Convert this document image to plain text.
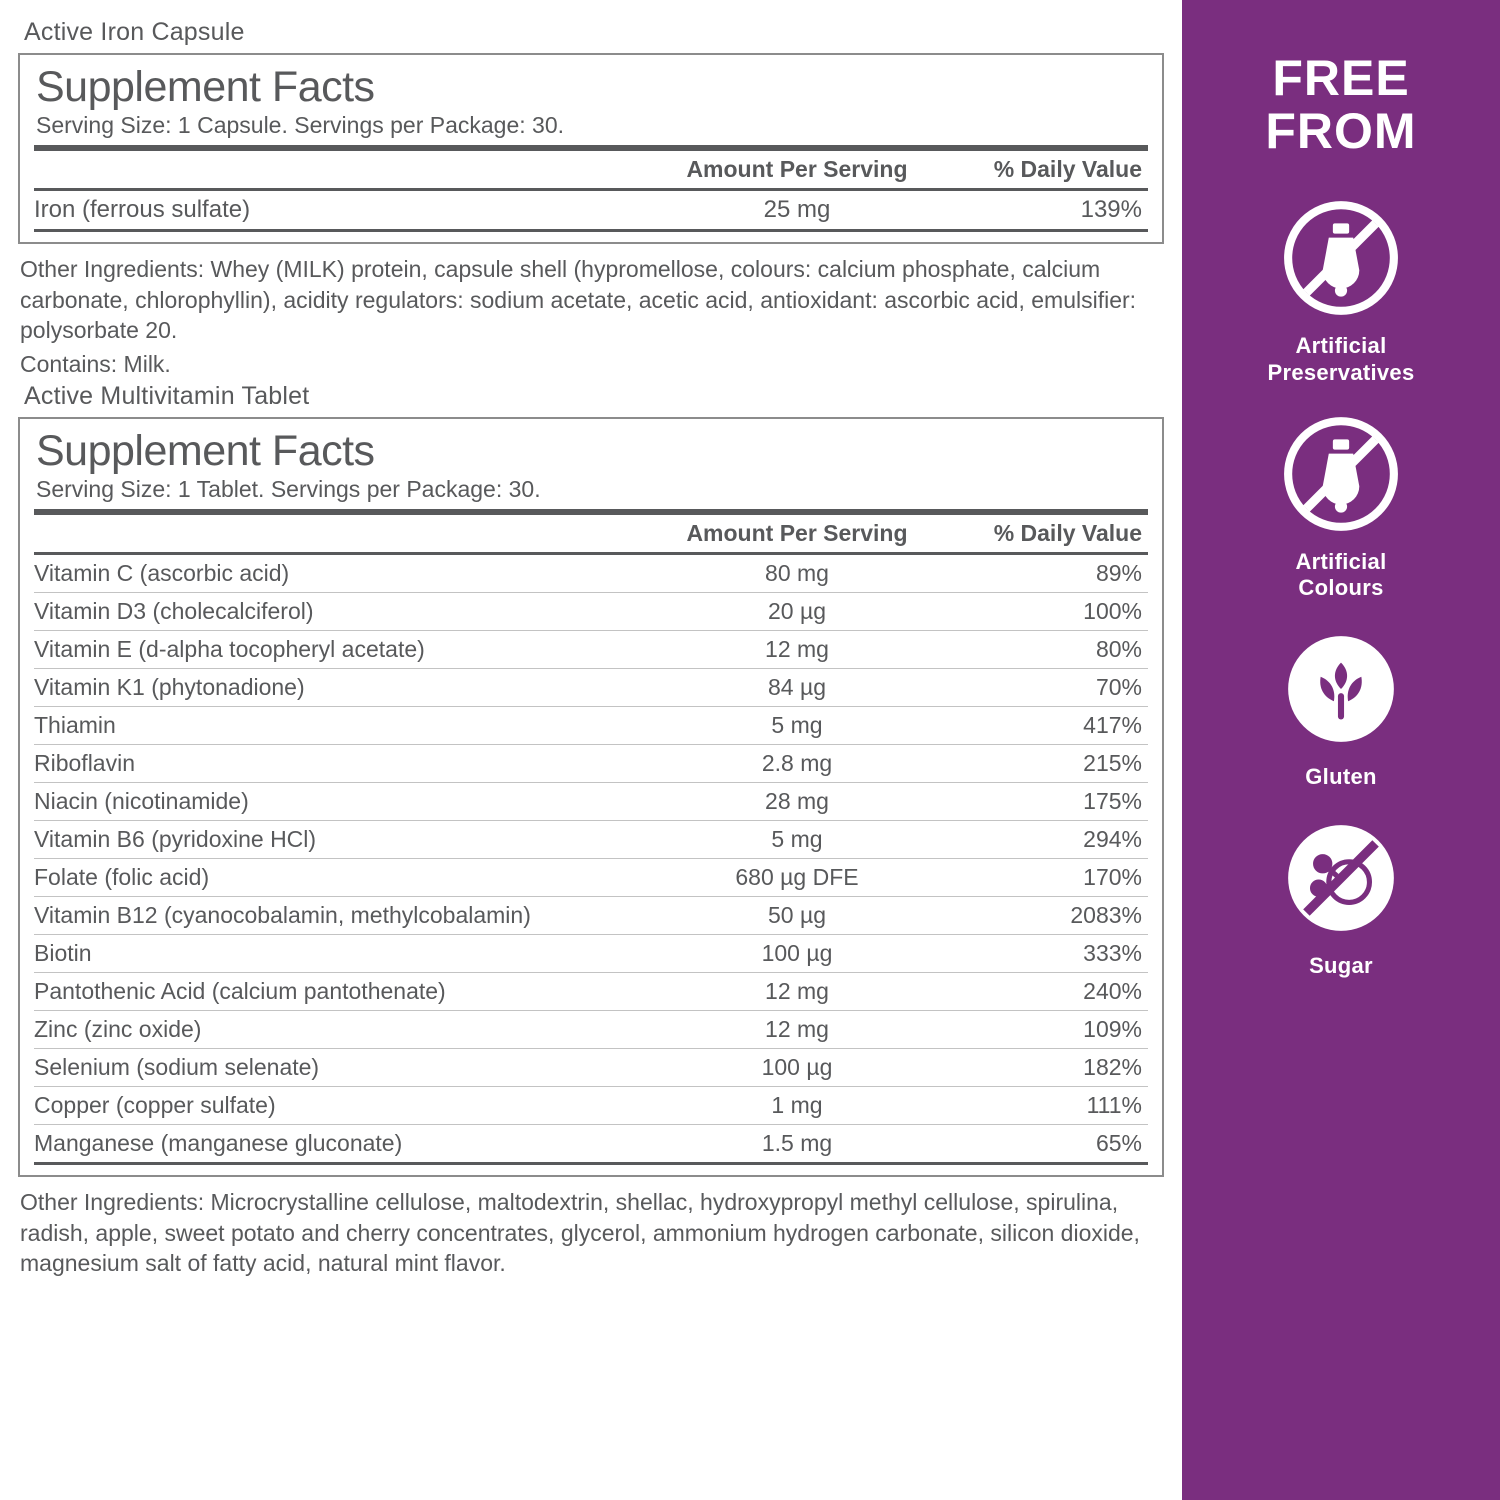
Active Iron Capsule
Supplement Facts
Serving Size: 1 Capsule. Servings per Package: 30.
	Amount Per Serving	% Daily Value
Iron (ferrous sulfate)	25 mg	139%
Other Ingredients: Whey (MILK) protein, capsule shell (hypromellose, colours: calcium phosphate, calcium carbonate, chlorophyllin), acidity regulators: sodium acetate, acetic acid, antioxidant: ascorbic acid, emulsifier: polysorbate 20.
Contains: Milk.
Active Multivitamin Tablet
Supplement Facts
Serving Size: 1 Tablet. Servings per Package: 30.
	Amount Per Serving	% Daily Value
Vitamin C (ascorbic acid)	80 mg	89%
Vitamin D3 (cholecalciferol)	20 µg	100%
Vitamin E (d-alpha tocopheryl acetate)	12 mg	80%
Vitamin K1 (phytonadione)	84 µg	70%
Thiamin	5 mg	417%
Riboflavin	2.8 mg	215%
Niacin (nicotinamide)	28 mg	175%
Vitamin B6 (pyridoxine HCl)	5 mg	294%
Folate (folic acid)	680 µg DFE	170%
Vitamin B12 (cyanocobalamin, methylcobalamin)	50 µg	2083%
Biotin	100 µg	333%
Pantothenic Acid (calcium pantothenate)	12 mg	240%
Zinc (zinc oxide)	12 mg	109%
Selenium (sodium selenate)	100 µg	182%
Copper (copper sulfate)	1 mg	111%
Manganese (manganese gluconate)	1.5 mg	65%
Other Ingredients: Microcrystalline cellulose, maltodextrin, shellac, hydroxypropyl methyl cellulose, spirulina, radish, apple, sweet potato and cherry concentrates, glycerol, ammonium hydrogen carbonate, silicon dioxide, magnesium salt of fatty acid, natural mint flavor.
FREE
FROM
Artificial
Preservatives
Artificial
Colours
Gluten
Sugar
